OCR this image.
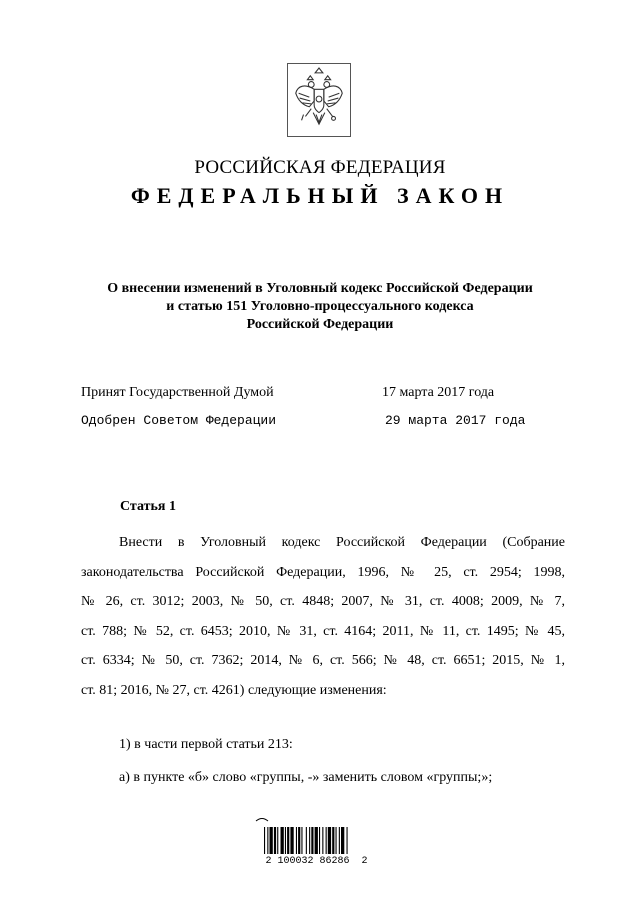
РОССИЙСКАЯ ФЕДЕРАЦИЯ
ФЕДЕРАЛЬНЫЙ ЗАКОН
О внесении изменений в Уголовный кодекс Российской Федерации
и статью 151 Уголовно-процессуального кодекса
Российской Федерации
Принят Государственной Думой	17 марта 2017 года
Одобрен Советом Федерации	29 марта 2017 года
Статья 1
Внести в Уголовный кодекс Российской Федерации (Собрание
законодательства Российской Федерации, 1996, № 25, ст. 2954; 1998,
№ 26, ст. 3012; 2003, № 50, ст. 4848; 2007, № 31, ст. 4008; 2009, № 7,
ст. 788; № 52, ст. 6453; 2010, № 31, ст. 4164; 2011, № 11, ст. 1495; № 45,
ст. 6334; № 50, ст. 7362; 2014, № 6, ст. 566; № 48, ст. 6651; 2015, № 1,
ст. 81; 2016, № 27, ст. 4261) следующие изменения:
1) в части первой статьи 213:
а) в пункте «б» слово «группы, -» заменить словом «группы;»;
2 100032 86286  2
